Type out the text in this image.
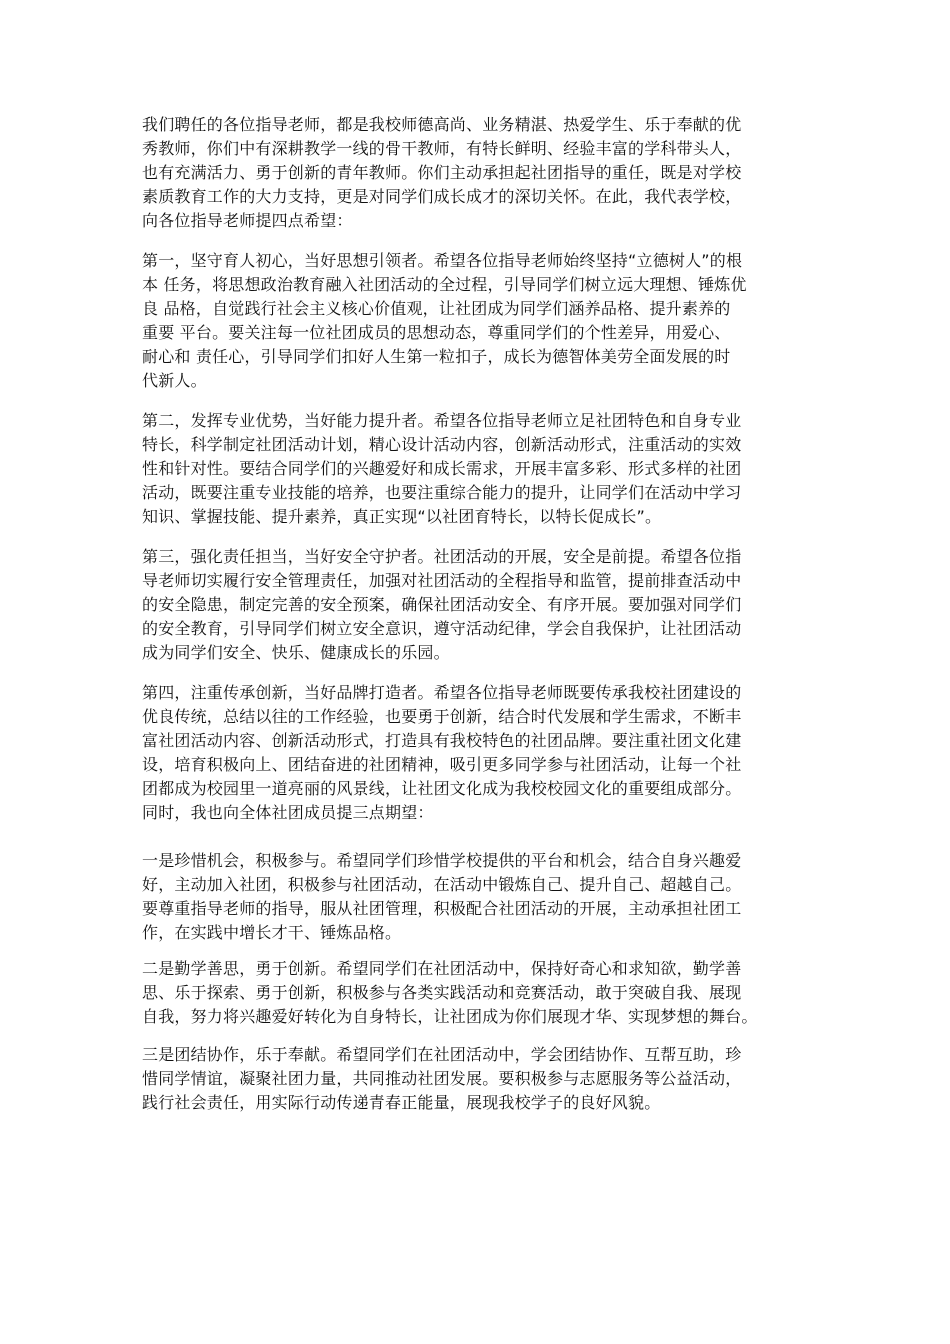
我们聘任的各位指导老师，都是我校师德高尚、业务精湛、热爱学生、乐于奉献的优
秀教师，你们中有深耕教学一线的骨干教师，有特长鲜明、经验丰富的学科带头人，
也有充满活力、勇于创新的青年教师。你们主动承担起社团指导的重任，既是对学校
素质教育工作的大力支持，更是对同学们成长成才的深切关怀。在此，我代表学校，
向各位指导老师提四点希望：
第一，坚守育人初心，当好思想引领者。希望各位指导老师始终坚持“立德树人”的根
本 任务，将思想政治教育融入社团活动的全过程，引导同学们树立远大理想、锤炼优
良 品格，自觉践行社会主义核心价值观，让社团成为同学们涵养品格、提升素养的
重要 平台。要关注每一位社团成员的思想动态，尊重同学们的个性差异，用爱心、
耐心和 责任心，引导同学们扣好人生第一粒扣子，成长为德智体美劳全面发展的时
代新人。
第二，发挥专业优势，当好能力提升者。希望各位指导老师立足社团特色和自身专业
特长，科学制定社团活动计划，精心设计活动内容，创新活动形式，注重活动的实效
性和针对性。要结合同学们的兴趣爱好和成长需求，开展丰富多彩、形式多样的社团
活动，既要注重专业技能的培养，也要注重综合能力的提升，让同学们在活动中学习
知识、掌握技能、提升素养，真正实现“以社团育特长，以特长促成长”。
第三，强化责任担当，当好安全守护者。社团活动的开展，安全是前提。希望各位指
导老师切实履行安全管理责任，加强对社团活动的全程指导和监管，提前排查活动中
的安全隐患，制定完善的安全预案，确保社团活动安全、有序开展。要加强对同学们
的安全教育，引导同学们树立安全意识，遵守活动纪律，学会自我保护，让社团活动
成为同学们安全、快乐、健康成长的乐园。
第四，注重传承创新，当好品牌打造者。希望各位指导老师既要传承我校社团建设的
优良传统，总结以往的工作经验，也要勇于创新，结合时代发展和学生需求，不断丰
富社团活动内容、创新活动形式，打造具有我校特色的社团品牌。要注重社团文化建
设，培育积极向上、团结奋进的社团精神，吸引更多同学参与社团活动，让每一个社
团都成为校园里一道亮丽的风景线，让社团文化成为我校校园文化的重要组成部分。
同时，我也向全体社团成员提三点期望：
一是珍惜机会，积极参与。希望同学们珍惜学校提供的平台和机会，结合自身兴趣爱
好，主动加入社团，积极参与社团活动，在活动中锻炼自己、提升自己、超越自己。
要尊重指导老师的指导，服从社团管理，积极配合社团活动的开展，主动承担社团工
作，在实践中增长才干、锤炼品格。
二是勤学善思，勇于创新。希望同学们在社团活动中，保持好奇心和求知欲，勤学善
思、乐于探索、勇于创新，积极参与各类实践活动和竞赛活动，敢于突破自我、展现
自我，努力将兴趣爱好转化为自身特长，让社团成为你们展现才华、实现梦想的舞台。
三是团结协作，乐于奉献。希望同学们在社团活动中，学会团结协作、互帮互助，珍
惜同学情谊，凝聚社团力量，共同推动社团发展。要积极参与志愿服务等公益活动，
践行社会责任，用实际行动传递青春正能量，展现我校学子的良好风貌。
